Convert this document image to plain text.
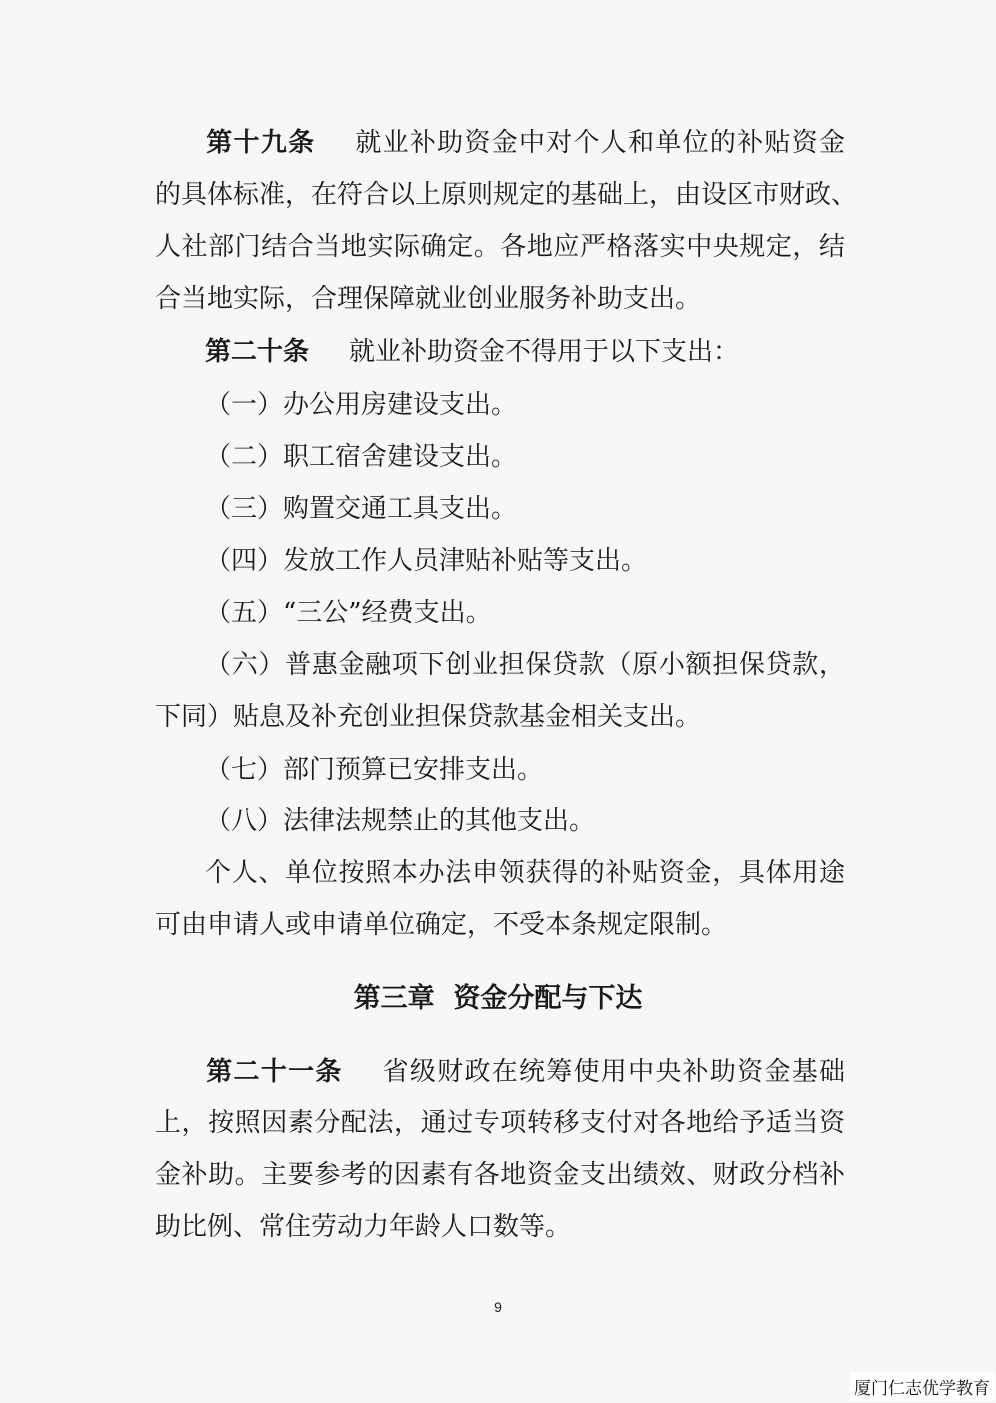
第十九条 就业补助资金中对个人和单位的补贴资金
的具体标准，在符合以上原则规定的基础上，由设区市财政、
人社部门结合当地实际确定。各地应严格落实中央规定，结
合当地实际，合理保障就业创业服务补助支出。
第二十条 就业补助资金不得用于以下支出：
（一）办公用房建设支出。
（二）职工宿舍建设支出。
（三）购置交通工具支出。
（四）发放工作人员津贴补贴等支出。
（五）“三公”经费支出。
（六）普惠金融项下创业担保贷款（原小额担保贷款，
下同）贴息及补充创业担保贷款基金相关支出。
（七）部门预算已安排支出。
（八）法律法规禁止的其他支出。
个人、单位按照本办法申领获得的补贴资金，具体用途
可由申请人或申请单位确定，不受本条规定限制。
第三章  资金分配与下达
第二十一条 省级财政在统筹使用中央补助资金基础
上，按照因素分配法，通过专项转移支付对各地给予适当资
金补助。主要参考的因素有各地资金支出绩效、财政分档补
助比例、常住劳动力年龄人口数等。
9
厦门仁志优学教育
